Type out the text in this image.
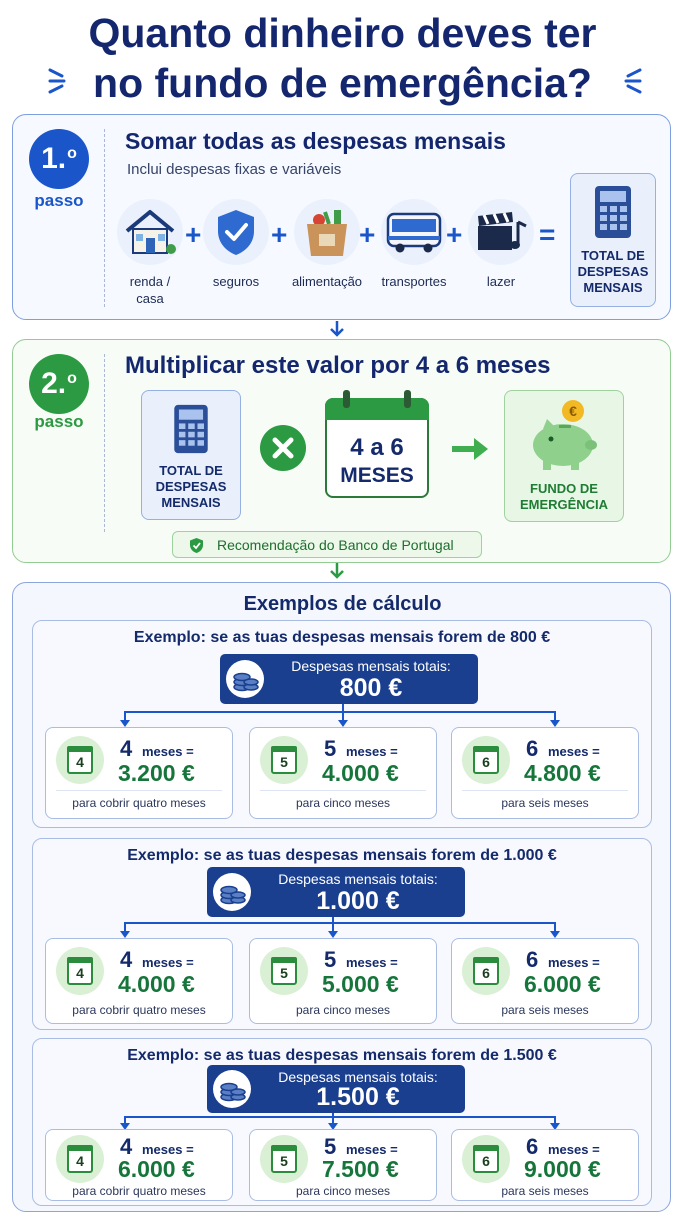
Quanto dinheiro deves ter
no fundo de emergência?
1. o
passo
Somar todas as despesas mensais
Inclui despesas fixas e variáveis
renda /
casa
+
seguros
+
alimentação
+
transportes
+
lazer
=
TOTAL DE
DESPESAS
MENSAIS
2. o
passo
Multiplicar este valor por 4 a 6 meses
TOTAL DE
DESPESAS
MENSAIS
4 a 6
MESES
€
FUNDO DE
EMERGÊNCIA
Recomendação do Banco de Portugal
Exemplos de cálculo
Exemplo: se as tuas despesas mensais forem de 800 €
Despesas mensais totais:
800 €
4
4 meses =
3.200 €
para cobrir quatro meses
5
5 meses =
4.000 €
para cinco meses
6
6 meses =
4.800 €
para seis meses
Exemplo: se as tuas despesas mensais forem de 1.000 €
Despesas mensais totais:
1.000 €
4
4 meses =
4.000 €
para cobrir quatro meses
5
5 meses =
5.000 €
para cinco meses
6
6 meses =
6.000 €
para seis meses
Exemplo: se as tuas despesas mensais forem de 1.500 €
Despesas mensais totais:
1.500 €
4
4 meses =
6.000 €
para cobrir quatro meses
5
5 meses =
7.500 €
para cinco meses
6
6 meses =
9.000 €
para seis meses
